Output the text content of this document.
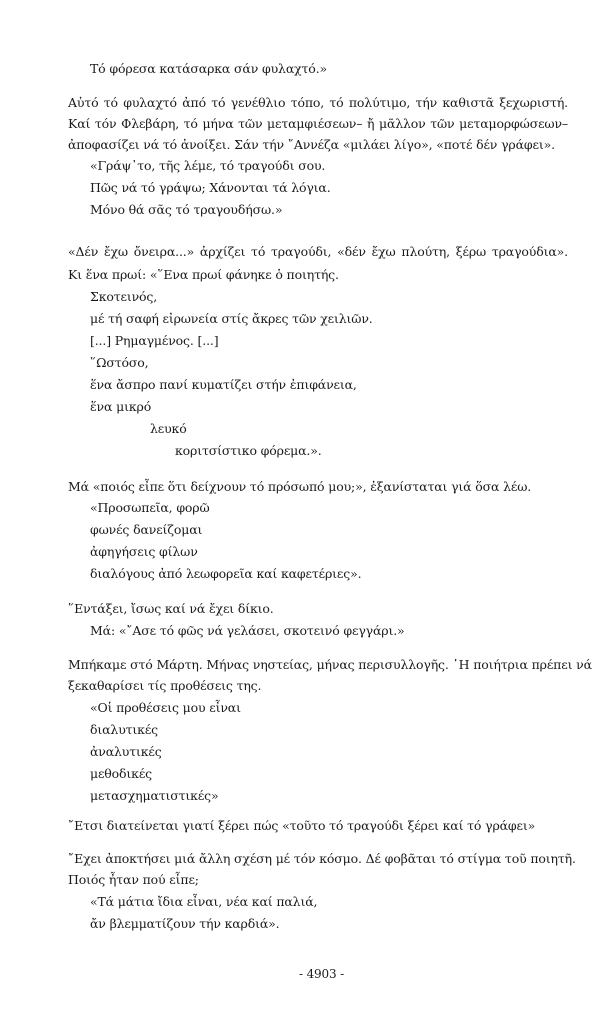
Τό φόρεσα κατάσαρκα σάν φυλαχτό.»
Αὐτό τό φυλαχτό ἀπό τό γενέθλιο τόπο, τό πολύτιμο, τήν καθιστᾶ ξεχωριστή.
Καί τόν Φλεβάρη, τό μήνα τῶν μεταμφιέσεων– ἤ μᾶλλον τῶν μεταμορφώσεων–
ἀποφασίζει νά τό ἀνοίξει. Σάν τήν ῎Αννέζα «μιλάει λίγο», «ποτέ δέν γράφει».
«Γράψ᾽το, τῆς λέμε, τό τραγούδι σου.
Πῶς νά τό γράψω; Χάνονται τά λόγια.
Μόνο θά σᾶς τό τραγουδήσω.»
«Δέν ἔχω ὄνειρα...» ἀρχίζει τό τραγούδι, «δέν ἔχω πλούτη, ξέρω τραγούδια».
Κι ἕνα πρωί: «῞Ενα πρωί φάνηκε ὁ ποιητής.
Σκοτεινός,
μέ τή σαφή εἰρωνεία στίς ἄκρες τῶν χειλιῶν.
[...] Ρημαγμένος. [...]
῞Ωστόσο,
ἕνα ἄσπρο πανί κυματίζει στήν ἐπιφάνεια,
ἕνα μικρό
λευκό
κοριτσίστικο φόρεμα.».
Μά «ποιός εἶπε ὅτι δείχνουν τό πρόσωπό μου;», ἐξανίσταται γιά ὅσα λέω.
«Προσωπεῖα, φορῶ
φωνές δανείζομαι
ἀφηγήσεις φίλων
διαλόγους ἀπό λεωφορεῖα καί καφετέριες».
῞Εντάξει, ἴσως καί νά ἔχει δίκιο.
Μά: «῎Ασε τό φῶς νά γελάσει, σκοτεινό φεγγάρι.»
Μπήκαμε στό Μάρτη. Μήνας νηστείας, μήνας περισυλλογῆς. ῾Η ποιήτρια πρέπει νά
ξεκαθαρίσει τίς προθέσεις της.
«Οἱ προθέσεις μου εἶναι
διαλυτικές
ἀναλυτικές
μεθοδικές
μετασχηματιστικές»
῎Ετσι διατείνεται γιατί ξέρει πώς «τοῦτο τό τραγούδι ξέρει καί τό γράφει»
῎Εχει ἀποκτήσει μιά ἄλλη σχέση μέ τόν κόσμο. Δέ φοβᾶται τό στίγμα τοῦ ποιητῆ.
Ποιός ἦταν πού εἶπε;
«Τά μάτια ἴδια εἶναι, νέα καί παλιά,
ἄν βλεμματίζουν τήν καρδιά».
- 4903 -
